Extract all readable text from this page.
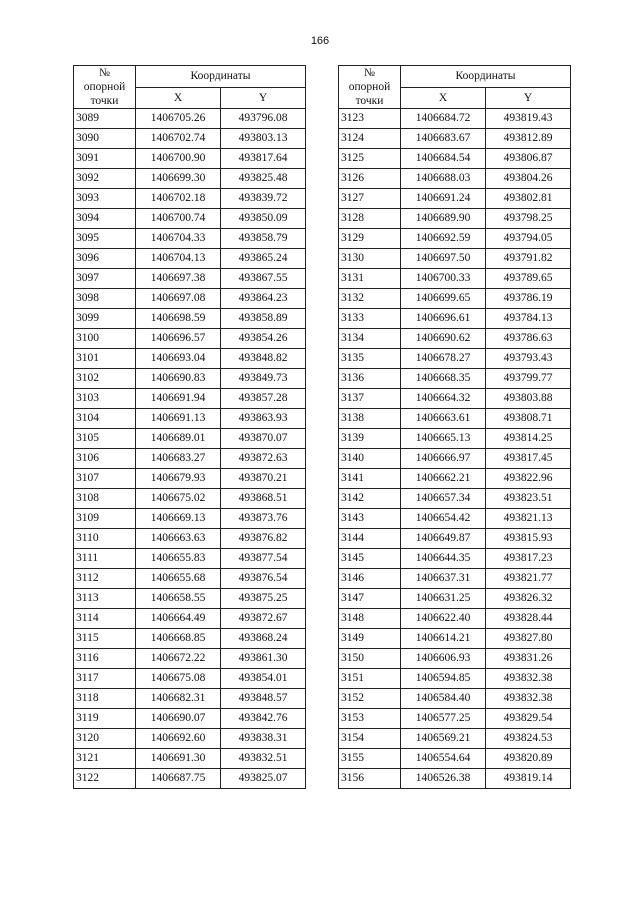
166
№
опорной
точки	Координаты	
	X	Y
3089	1406705.26	493796.08
3090	1406702.74	493803.13
3091	1406700.90	493817.64
3092	1406699.30	493825.48
3093	1406702.18	493839.72
3094	1406700.74	493850.09
3095	1406704.33	493858.79
3096	1406704.13	493865.24
3097	1406697.38	493867.55
3098	1406697.08	493864.23
3099	1406698.59	493858.89
3100	1406696.57	493854.26
3101	1406693.04	493848.82
3102	1406690.83	493849.73
3103	1406691.94	493857.28
3104	1406691.13	493863.93
3105	1406689.01	493870.07
3106	1406683.27	493872.63
3107	1406679.93	493870.21
3108	1406675.02	493868.51
3109	1406669.13	493873.76
3110	1406663.63	493876.82
3111	1406655.83	493877.54
3112	1406655.68	493876.54
3113	1406658.55	493875.25
3114	1406664.49	493872.67
3115	1406668.85	493868.24
3116	1406672.22	493861.30
3117	1406675.08	493854.01
3118	1406682.31	493848.57
3119	1406690.07	493842.76
3120	1406692.60	493838.31
3121	1406691.30	493832.51
3122	1406687.75	493825.07
№
опорной
точки	Координаты	
	X	Y
3123	1406684.72	493819.43
3124	1406683.67	493812.89
3125	1406684.54	493806.87
3126	1406688.03	493804.26
3127	1406691.24	493802.81
3128	1406689.90	493798.25
3129	1406692.59	493794.05
3130	1406697.50	493791.82
3131	1406700.33	493789.65
3132	1406699.65	493786.19
3133	1406696.61	493784.13
3134	1406690.62	493786.63
3135	1406678.27	493793.43
3136	1406668.35	493799.77
3137	1406664.32	493803.88
3138	1406663.61	493808.71
3139	1406665.13	493814.25
3140	1406666.97	493817.45
3141	1406662.21	493822.96
3142	1406657.34	493823.51
3143	1406654.42	493821.13
3144	1406649.87	493815.93
3145	1406644.35	493817.23
3146	1406637.31	493821.77
3147	1406631.25	493826.32
3148	1406622.40	493828.44
3149	1406614.21	493827.80
3150	1406606.93	493831.26
3151	1406594.85	493832.38
3152	1406584.40	493832.38
3153	1406577.25	493829.54
3154	1406569.21	493824.53
3155	1406554.64	493820.89
3156	1406526.38	493819.14
